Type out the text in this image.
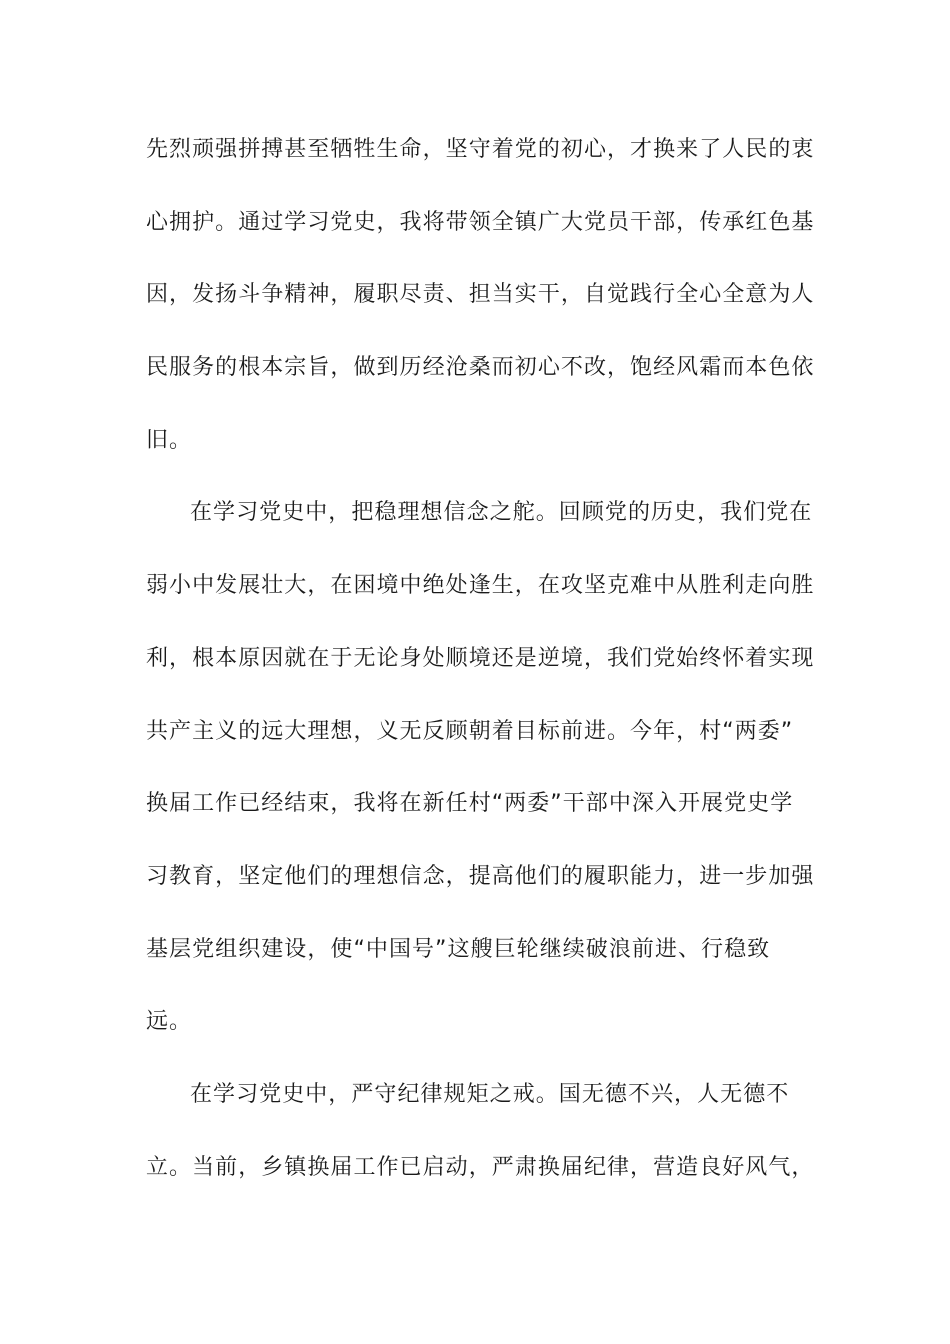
先烈顽强拼搏甚至牺牲生命，坚守着党的初心，才换来了人民的衷
心拥护。通过学习党史，我将带领全镇广大党员干部，传承红色基
因，发扬斗争精神，履职尽责、担当实干，自觉践行全心全意为人
民服务的根本宗旨，做到历经沧桑而初心不改，饱经风霜而本色依
旧。
在学习党史中，把稳理想信念之舵。回顾党的历史，我们党在
弱小中发展壮大，在困境中绝处逢生，在攻坚克难中从胜利走向胜
利，根本原因就在于无论身处顺境还是逆境，我们党始终怀着实现
共产主义的远大理想，义无反顾朝着目标前进。今年，村“两委”
换届工作已经结束，我将在新任村“两委”干部中深入开展党史学
习教育，坚定他们的理想信念，提高他们的履职能力，进一步加强
基层党组织建设，使“中国号”这艘巨轮继续破浪前进、行稳致
远。
在学习党史中，严守纪律规矩之戒。国无德不兴，人无德不
立。当前，乡镇换届工作已启动，严肃换届纪律，营造良好风气，
